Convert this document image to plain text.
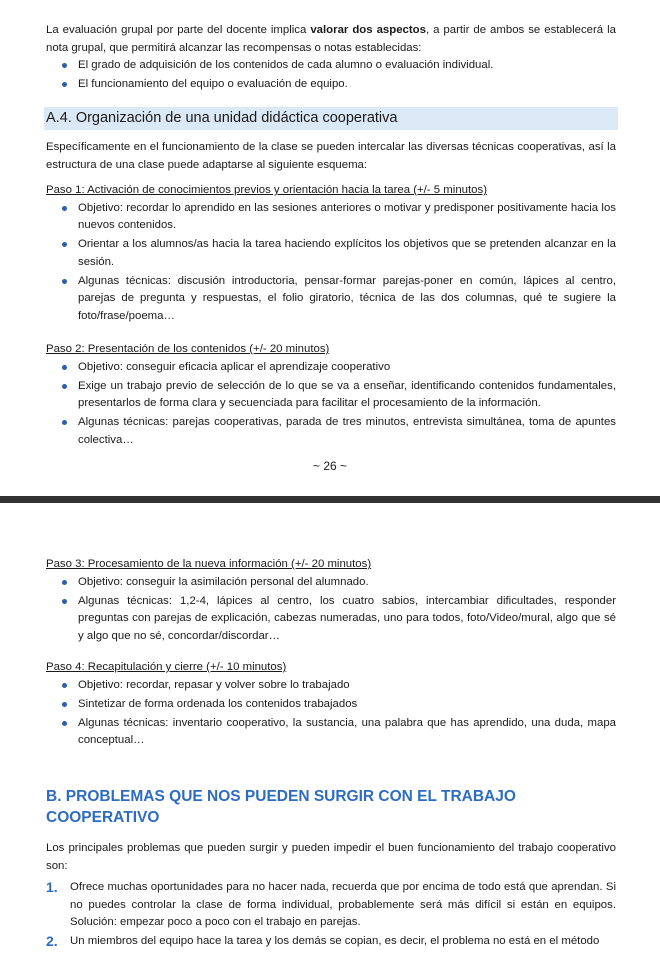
La evaluación grupal por parte del docente implica valorar dos aspectos, a partir de ambos se establecerá la nota grupal, que permitirá alcanzar las recompensas o notas establecidas:

El grado de adquisición de los contenidos de cada alumno o evaluación individual.
El funcionamiento del equipo o evaluación de equipo.
A.4. Organización de una unidad didáctica cooperativa

Específicamente en el funcionamiento de la clase se pueden intercalar las diversas técnicas cooperativas, así la estructura de una clase puede adaptarse al siguiente esquema:

Paso 1: Activación de conocimientos previos y orientación hacia la tarea (+/- 5 minutos)

Objetivo: recordar lo aprendido en las sesiones anteriores o motivar y predisponer positivamente hacia los nuevos contenidos.
Orientar a los alumnos/as hacia la tarea haciendo explícitos los objetivos que se pretenden alcanzar en la sesión.
Algunas técnicas: discusión introductoria, pensar-formar parejas-poner en común, lápices al centro, parejas de pregunta y respuestas, el folio giratorio, técnica de las dos columnas, qué te sugiere la foto/frase/poema…

Paso 2: Presentación de los contenidos (+/- 20 minutos)

Objetivo: conseguir eficacia aplicar el aprendizaje cooperativo
Exige un trabajo previo de selección de lo que se va a enseñar, identificando contenidos fundamentales, presentarlos de forma clara y secuenciada para facilitar el procesamiento de la información.
Algunas técnicas: parejas cooperativas, parada de tres minutos, entrevista simultánea, toma de apuntes colectiva…
~ 26 ~

Paso 3: Procesamiento de la nueva información (+/- 20 minutos)

Objetivo: conseguir la asimilación personal del alumnado.
Algunas técnicas: 1,2-4, lápices al centro, los cuatro sabios, intercambiar dificultades, responder preguntas con parejas de explicación, cabezas numeradas, uno para todos, foto/Video/mural, algo que sé y algo que no sé, concordar/discordar…

Paso 4: Recapitulación y cierre (+/- 10 minutos)

Objetivo: recordar, repasar y volver sobre lo trabajado
Sintetizar de forma ordenada los contenidos trabajados
Algunas técnicas: inventario cooperativo, la sustancia, una palabra que has aprendido, una duda, mapa conceptual…
B. PROBLEMAS QUE NOS PUEDEN SURGIR CON EL TRABAJO COOPERATIVO

Los principales problemas que pueden surgir y pueden impedir el buen funcionamiento del trabajo cooperativo son:

1. Ofrece muchas oportunidades para no hacer nada, recuerda que por encima de todo está que aprendan. Si no puedes controlar la clase de forma individual, probablemente será más difícil si están en equipos. Solución: empezar poco a poco con el trabajo en parejas.
2. Un miembros del equipo hace la tarea y los demás se copian, es decir, el problema no está en el método
